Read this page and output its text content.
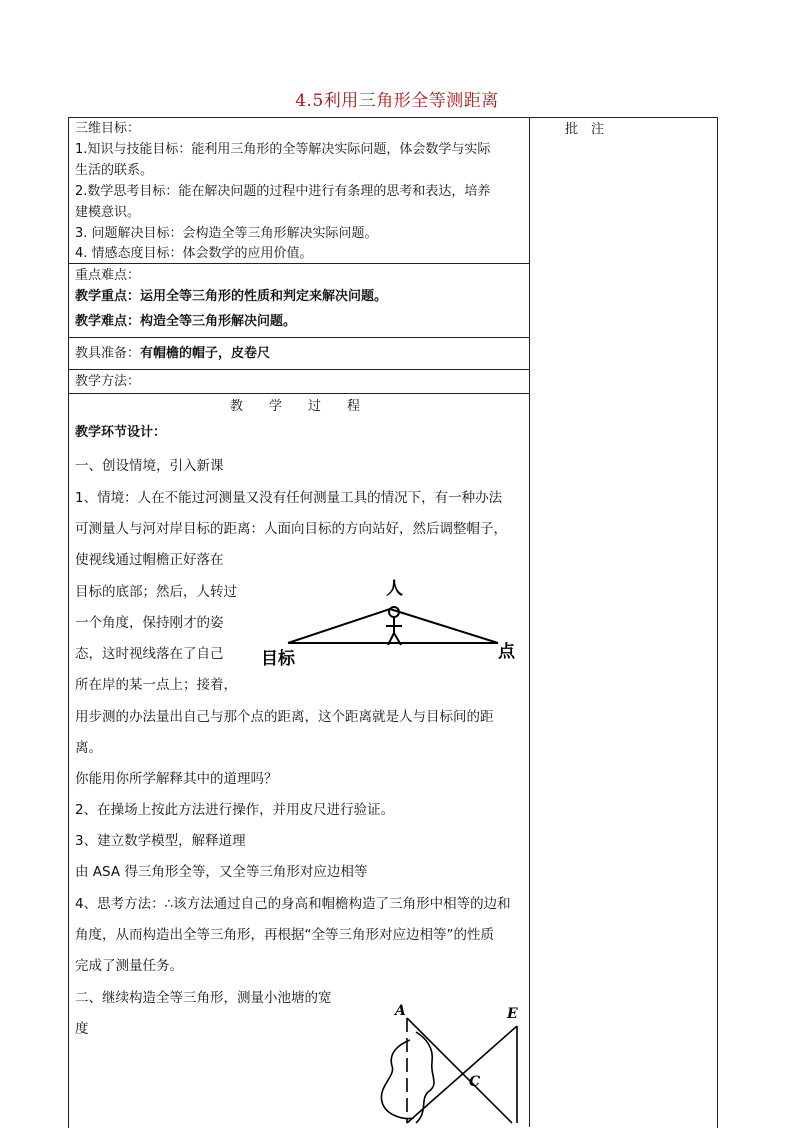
4.5利用三角形全等测距离
批　注
三维目标：
1.知识与技能目标：能利用三角形的全等解决实际问题，体会数学与实际
生活的联系。
2.数学思考目标：能在解决问题的过程中进行有条理的思考和表达，培养
建模意识。
3. 问题解决目标：会构造全等三角形解决实际问题。
4. 情感态度目标：体会数学的应用价值。
重点难点：
教学重点：运用全等三角形的性质和判定来解决问题。
教学难点：构造全等三角形解决问题。
教具准备：有帽檐的帽子，皮卷尺
教学方法：
教　　学　　过　　程
教学环节设计：
一、创设情境，引入新课
1、情境：人在不能过河测量又没有任何测量工具的情况下，有一种办法
可测量人与河对岸目标的距离：人面向目标的方向站好，然后调整帽子，
使视线通过帽檐正好落在
目标的底部；然后，人转过
一个角度，保持刚才的姿
态，这时视线落在了自己
所在岸的某一点上；接着，
用步测的办法量出自己与那个点的距离，这个距离就是人与目标间的距
离。
你能用你所学解释其中的道理吗？
2、在操场上按此方法进行操作，并用皮尺进行验证。
3、建立数学模型，解释道理
由 ASA 得三角形全等，又全等三角形对应边相等
4、思考方法：∴该方法通过自己的身高和帽檐构造了三角形中相等的边和
角度，从而构造出全等三角形，再根据“全等三角形对应边相等”的性质
完成了测量任务。
二、继续构造全等三角形，测量小池塘的宽
度
人
目标	点
A	E
C
